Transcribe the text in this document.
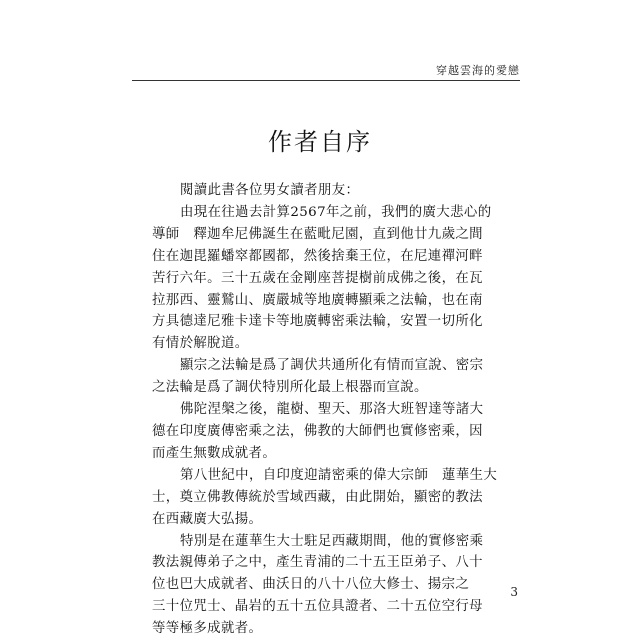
穿越雲海的愛戀
作者自序
閱讀此書各位男女讀者朋友：
由現在往過去計算2567年之前，我們的廣大悲心的
導師　釋迦牟尼佛誕生在藍毗尼園，直到他廿九歲之間
住在迦毘羅蟠窣都國都，然後捨棄王位，在尼連禪河畔
苦行六年。三十五歲在金剛座菩提樹前成佛之後，在瓦
拉那西、靈鷲山、廣嚴城等地廣轉顯乘之法輪，也在南
方具德達尼雅卡達卡等地廣轉密乘法輪，安置一切所化
有情於解脫道。
顯宗之法輪是爲了調伏共通所化有情而宣說、密宗
之法輪是爲了調伏特別所化最上根器而宣說。
佛陀涅槃之後，龍樹、聖天、那洛大班智達等諸大
德在印度廣傳密乘之法，佛教的大師們也實修密乘，因
而產生無數成就者。
第八世紀中，自印度迎請密乘的偉大宗師　蓮華生大
士，奠立佛教傳統於雪域西藏，由此開始，顯密的教法
在西藏廣大弘揚。
特別是在蓮華生大士駐足西藏期間，他的實修密乘
教法親傳弟子之中，產生青浦的二十五王臣弟子、八十
位也巴大成就者、曲沃日的八十八位大修士、揚宗之
三十位咒士、晶岩的五十五位具證者、二十五位空行母
等等極多成就者。
3
